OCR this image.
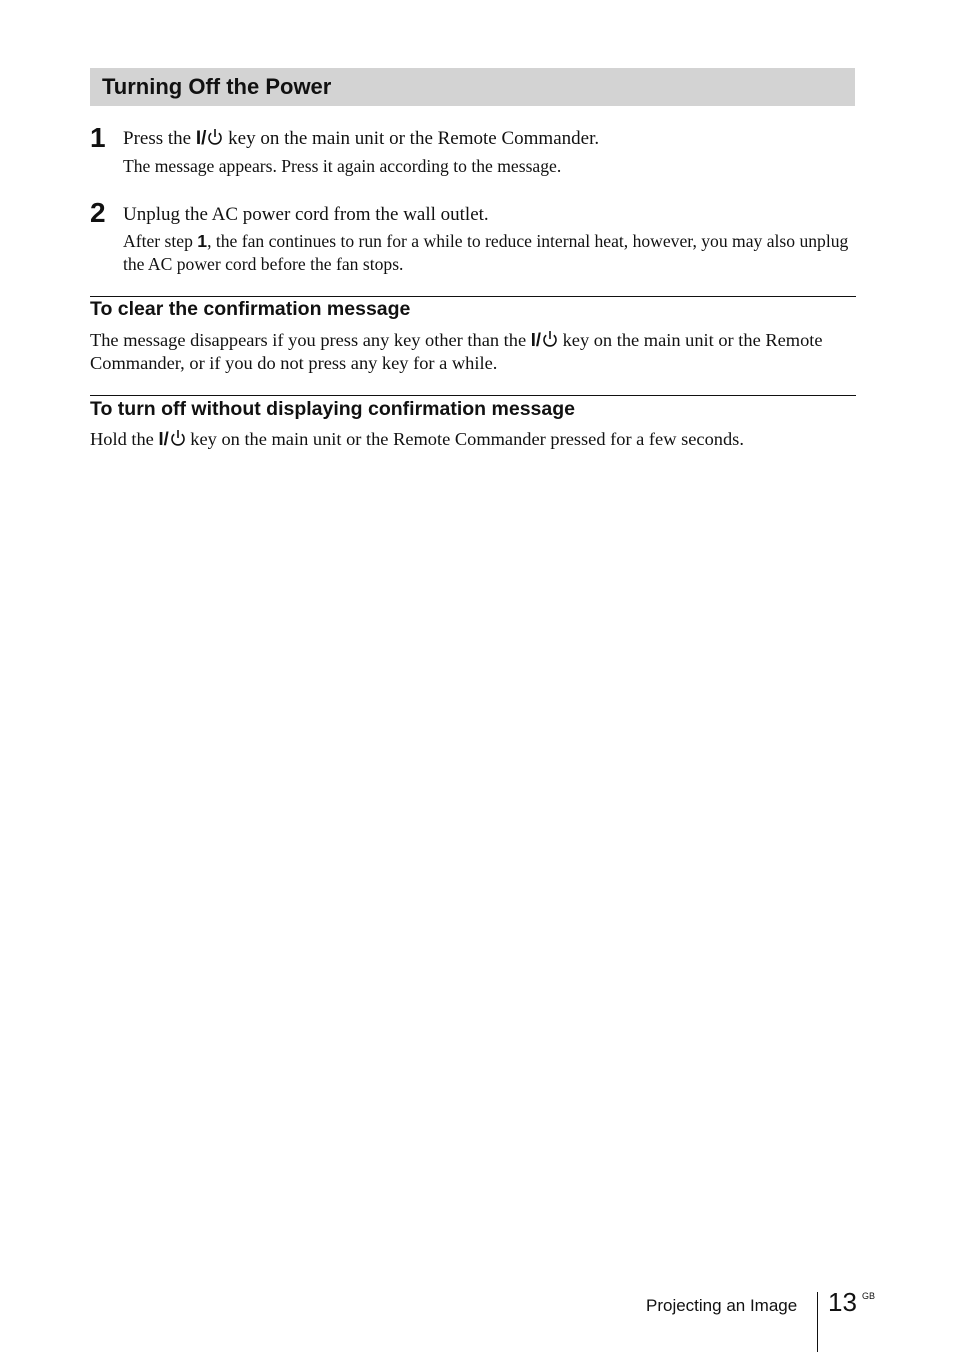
Turning Off the Power
1 Press the I/ key on the main unit or the Remote Commander.
The message appears. Press it again according to the message.
2 Unplug the AC power cord from the wall outlet.
After step 1, the fan continues to run for a while to reduce internal heat, however, you may also unplug the AC power cord before the fan stops.
To clear the confirmation message
The message disappears if you press any key other than the I/ key on the main unit or the Remote Commander, or if you do not press any key for a while.
To turn off without displaying confirmation message
Hold the I/ key on the main unit or the Remote Commander pressed for a few seconds.
Projecting an Image 13 GB
